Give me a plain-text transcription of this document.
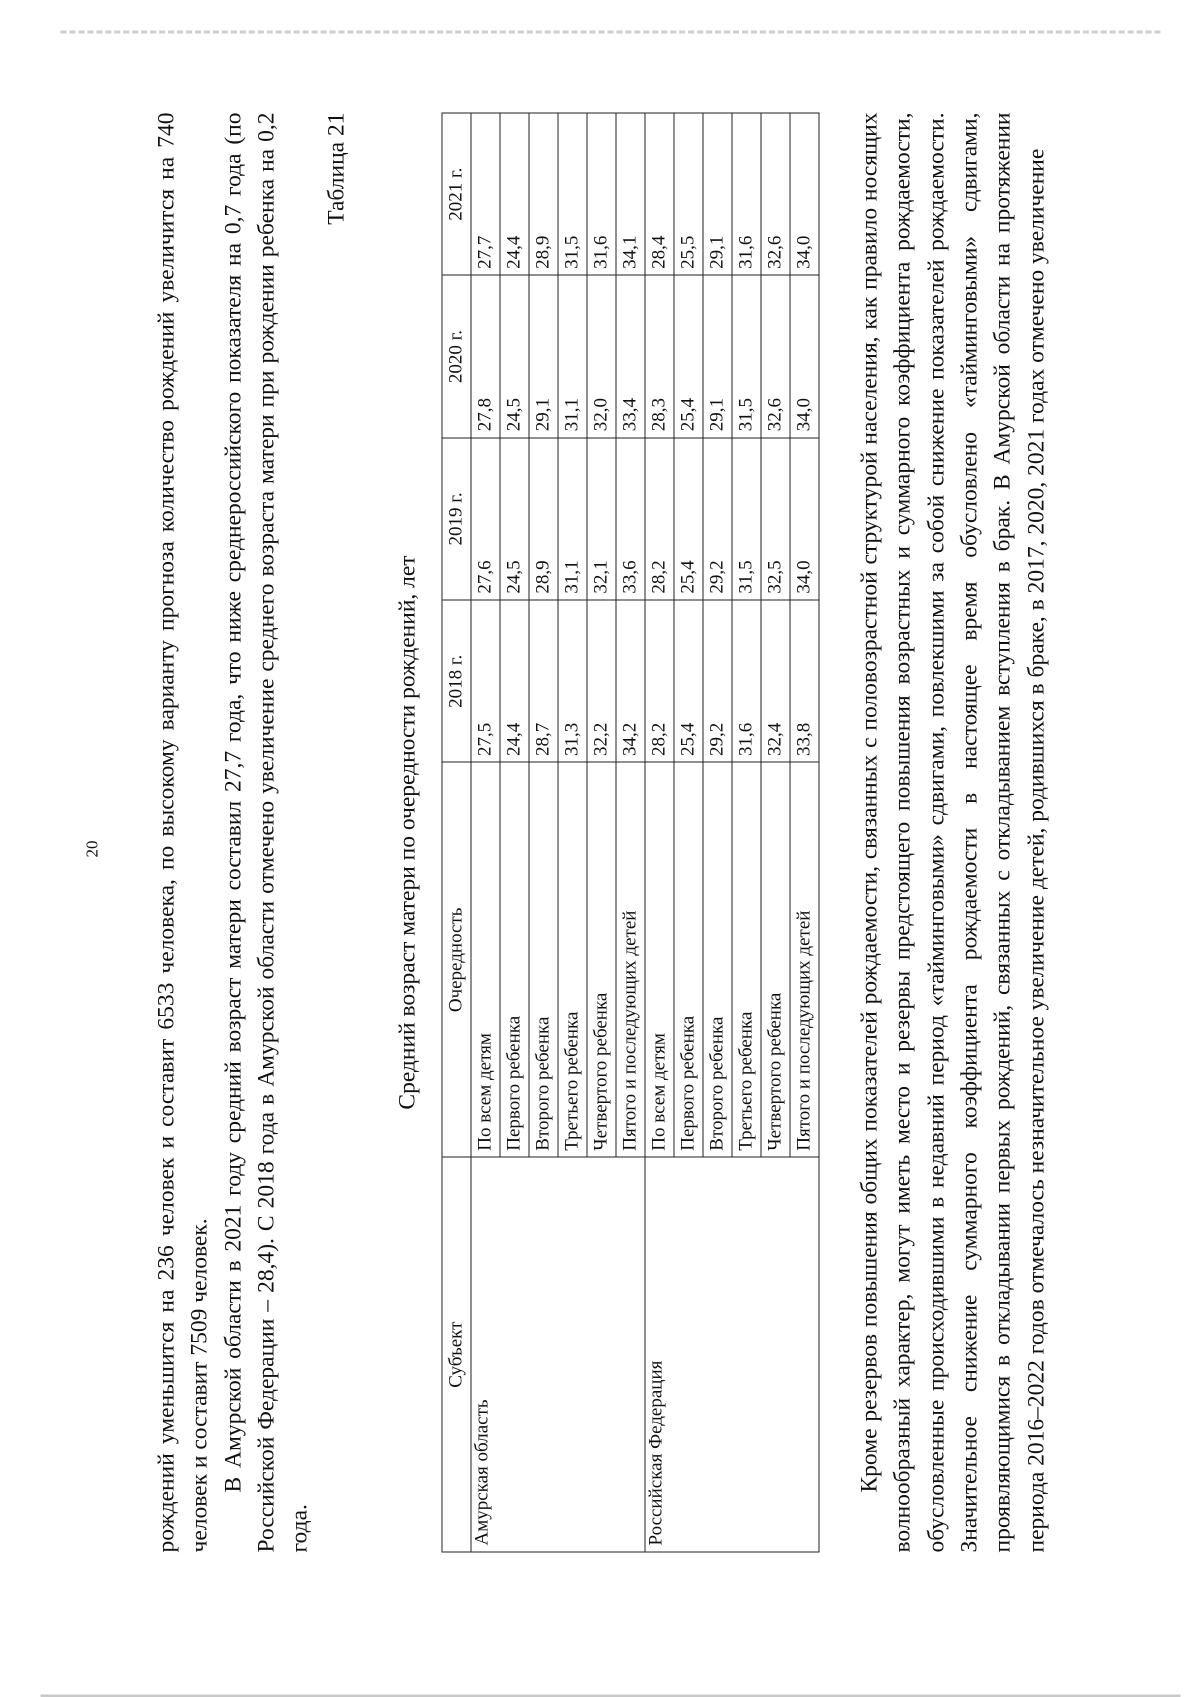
20 рождений уменьшится на 236 человек и составит 6533 человека, по высокому варианту прогноза количество рождений увеличится на 740 человек и составит 7509 человек. В Амурской области в 2021 году средний возраст матери составил 27,7 года, что ниже среднероссийского показателя на 0,7 года (по Российской Федерации – 28,4). С 2018 года в Амурской области отмечено увеличение среднего возраста матери при рождении ребенка на 0,2 года.

Таблица 21
Средний возраст матери по очередности рождений, лет
Субъект	Очередность	2018 г.	2019 г.	2020 г.	2021 г.
Амурская область	По всем детям	27,5	27,6	27,8	27,7
	Первого ребенка	24,4	24,5	24,5	24,4
	Второго ребенка	28,7	28,9	29,1	28,9
	Третьего ребенка	31,3	31,1	31,1	31,5
	Четвертого ребенка	32,2	32,1	32,0	31,6
	Пятого и последующих детей	34,2	33,6	33,4	34,1
Российская Федерация	По всем детям	28,2	28,2	28,3	28,4
	Первого ребенка	25,4	25,4	25,4	25,5
	Второго ребенка	29,2	29,2	29,1	29,1
	Третьего ребенка	31,6	31,5	31,5	31,6
	Четвертого ребенка	32,4	32,5	32,6	32,6
	Пятого и последующих детей	33,8	34,0	34,0	34,0 Кроме резервов повышения общих показателей рождаемости, связанных с половозрастной структурой населения, как правило носящих волнообразный характер, могут иметь место и резервы предстоящего повышения возрастных и суммарного коэффициента рождаемости, обусловленные происходившими в недавний период «тайминговыми» сдвигами, повлекшими за собой снижение показателей рождаемости. Значительное снижение суммарного коэффициента рождаемости в настоящее время обусловлено «тайминговыми» сдвигами, проявляющимися в откладывании первых рождений, связанных с откладыванием вступления в брак. В Амурской области на протяжении периода 2016–2022 годов отмечалось незначительное увеличение детей, родившихся в браке, в 2017, 2020, 2021 годах отмечено увеличение
